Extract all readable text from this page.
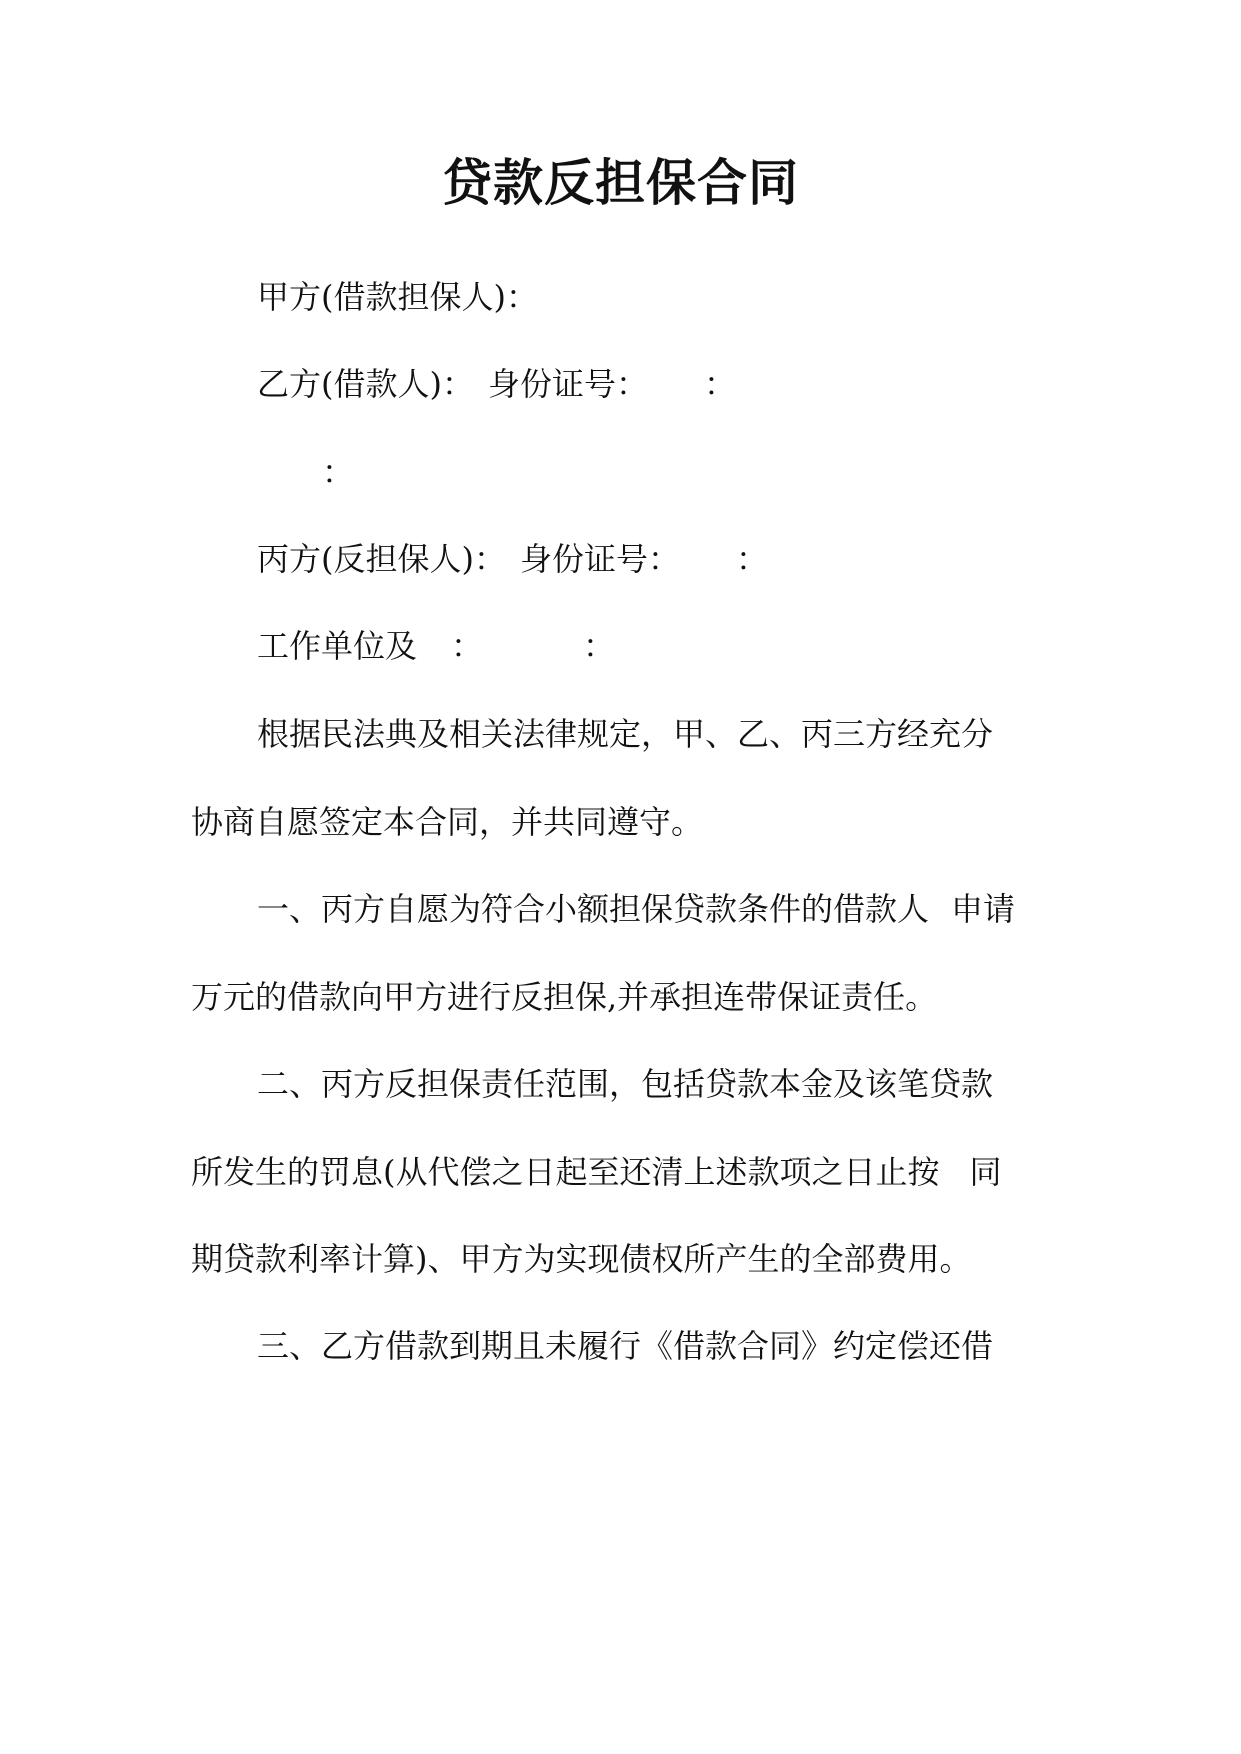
贷款反担保合同
甲方(借款担保人)：
乙方(借款人)： 身份证号： ：
：
丙方(反担保人)： 身份证号： ：
工作单位及 ：	：
根据民法典及相关法律规定，甲、乙、丙三方经充分
协商自愿签定本合同，并共同遵守。
一、丙方自愿为符合小额担保贷款条件的借款人 申请
万元的借款向甲方进行反担保,并承担连带保证责任。
二、丙方反担保责任范围，包括贷款本金及该笔贷款
所发生的罚息(从代偿之日起至还清上述款项之日止按 同
期贷款利率计算)、甲方为实现债权所产生的全部费用。
三、乙方借款到期且未履行《借款合同》约定偿还借
